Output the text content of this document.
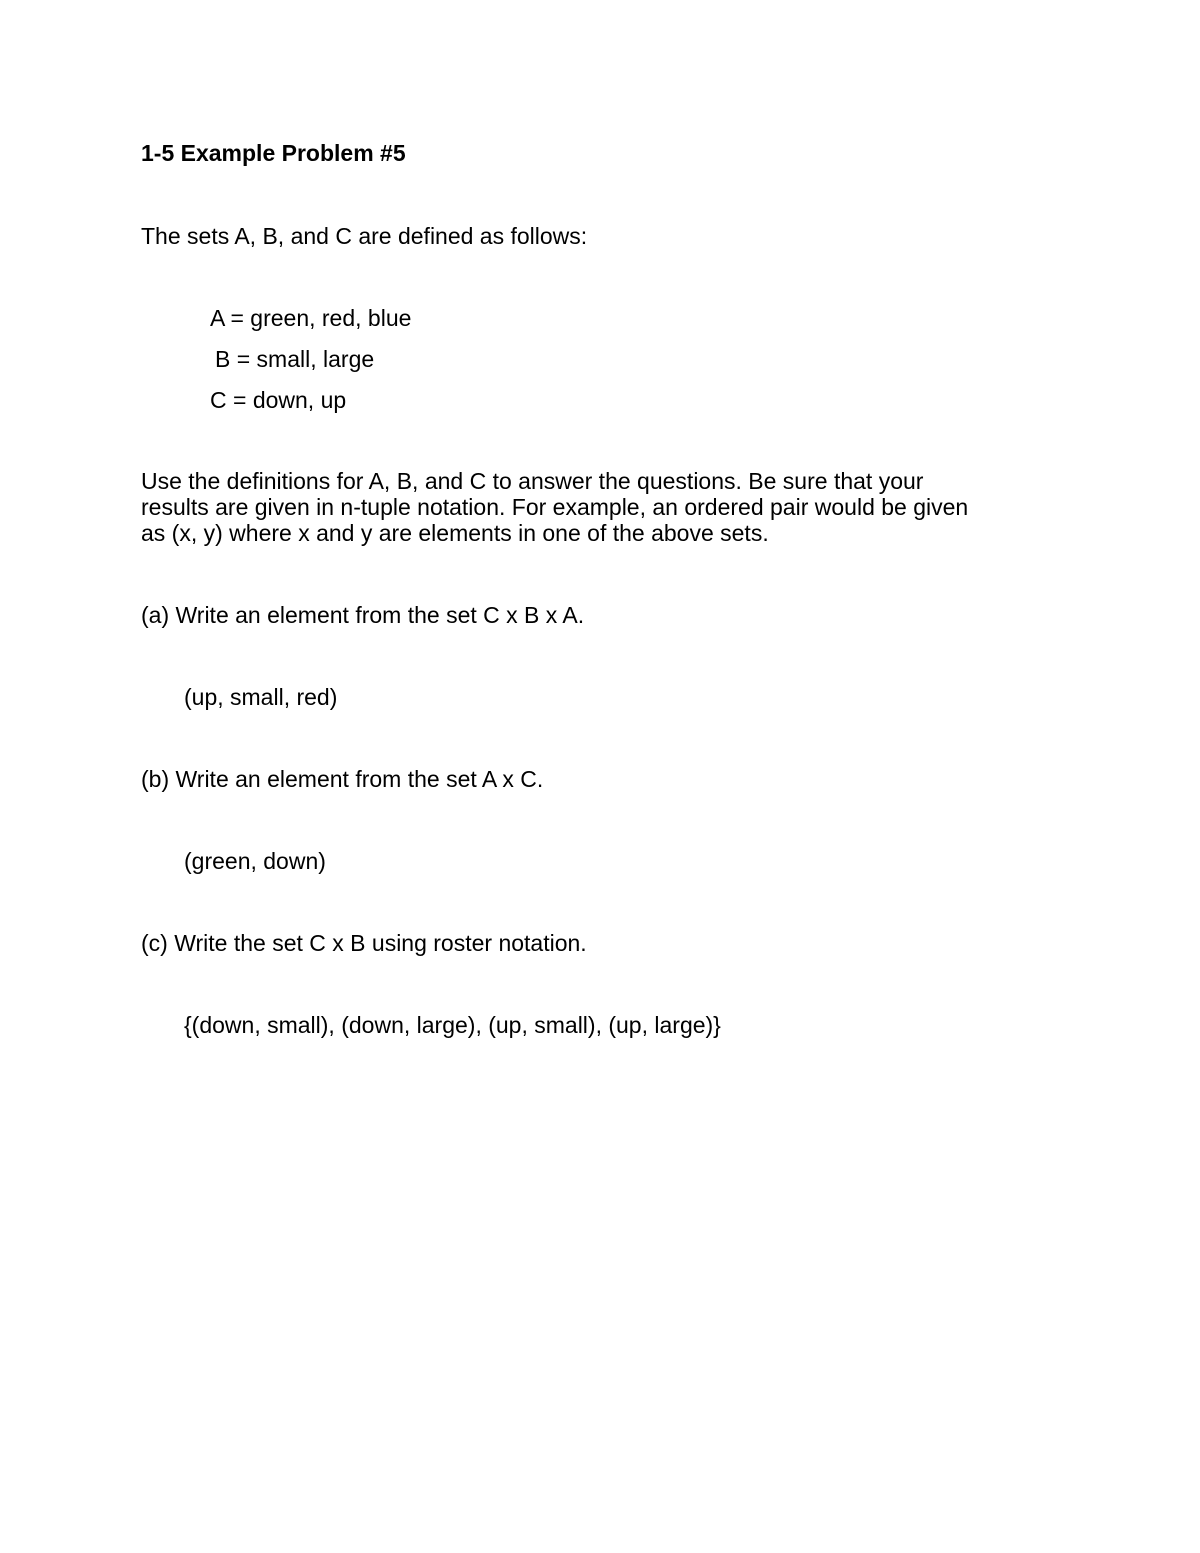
1-5 Example Problem #5
The sets A, B, and C are defined as follows:
A = green, red, blue
B = small, large
C = down, up
Use the definitions for A, B, and C to answer the questions. Be sure that your
results are given in n-tuple notation. For example, an ordered pair would be given
as (x, y) where x and y are elements in one of the above sets.
(a) Write an element from the set C x B x A.
(up, small, red)
(b) Write an element from the set A x C.
(green, down)
(c) Write the set C x B using roster notation.
{(down, small), (down, large), (up, small), (up, large)}
